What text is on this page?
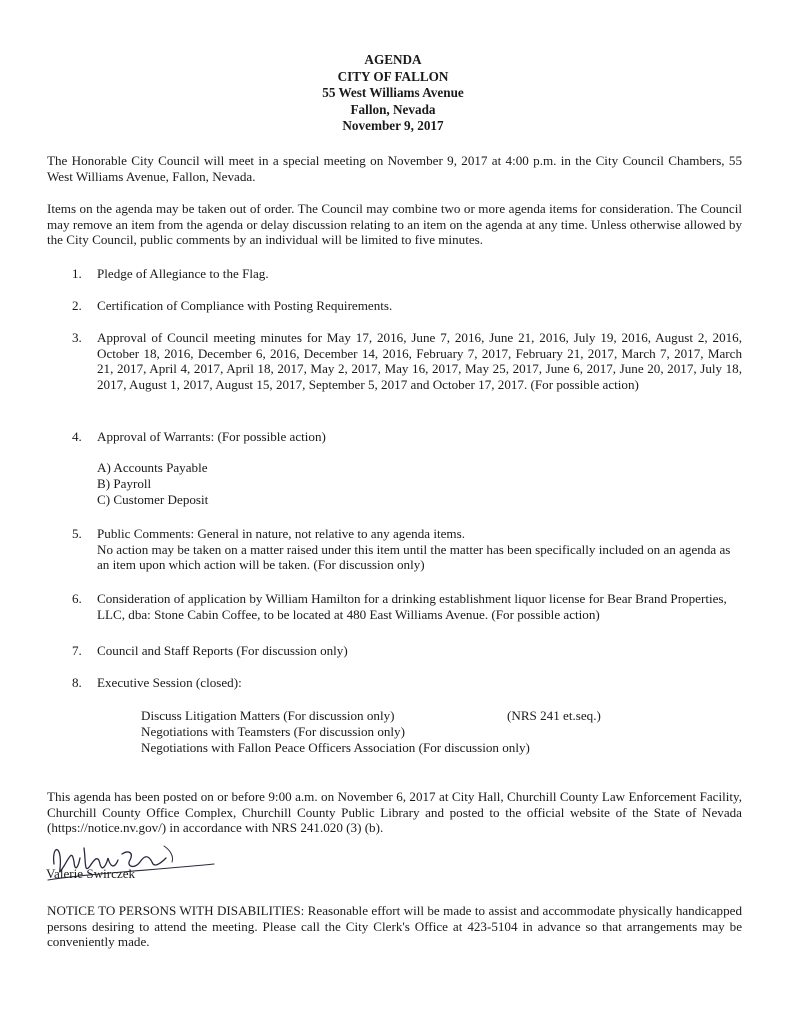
AGENDA
CITY OF FALLON
55 West Williams Avenue
Fallon, Nevada
November 9, 2017
The Honorable City Council will meet in a special meeting on November 9, 2017 at 4:00 p.m. in the City Council Chambers, 55 West Williams Avenue, Fallon, Nevada.
Items on the agenda may be taken out of order. The Council may combine two or more agenda items for consideration. The Council may remove an item from the agenda or delay discussion relating to an item on the agenda at any time. Unless otherwise allowed by the City Council, public comments by an individual will be limited to five minutes.
1.	Pledge of Allegiance to the Flag.
2.	Certification of Compliance with Posting Requirements.
3.	Approval of Council meeting minutes for May 17, 2016, June 7, 2016, June 21, 2016, July 19, 2016, August 2, 2016, October 18, 2016, December 6, 2016, December 14, 2016, February 7, 2017, February 21, 2017, March 7, 2017, March 21, 2017, April 4, 2017, April 18, 2017, May 2, 2017, May 16, 2017, May 25, 2017, June 6, 2017, June 20, 2017, July 18, 2017, August 1, 2017, August 15, 2017, September 5, 2017 and October 17, 2017. (For possible action)
4.	Approval of Warrants: (For possible action)
A) Accounts Payable
B) Payroll
C) Customer Deposit
5.	Public Comments: General in nature, not relative to any agenda items.
No action may be taken on a matter raised under this item until the matter has been specifically included on an agenda as an item upon which action will be taken. (For discussion only)
6.	Consideration of application by William Hamilton for a drinking establishment liquor license for Bear Brand Properties, LLC, dba: Stone Cabin Coffee, to be located at 480 East Williams Avenue. (For possible action)
7.	Council and Staff Reports (For discussion only)
8.	Executive Session (closed):
Discuss Litigation Matters (For discussion only)	(NRS 241 et.seq.)
Negotiations with Teamsters (For discussion only)
Negotiations with Fallon Peace Officers Association (For discussion only)
This agenda has been posted on or before 9:00 a.m. on November 6, 2017 at City Hall, Churchill County Law Enforcement Facility, Churchill County Office Complex, Churchill County Public Library and posted to the official website of the State of Nevada (https://notice.nv.gov/) in accordance with NRS 241.020 (3) (b).
Valerie Swirczek
NOTICE TO PERSONS WITH DISABILITIES: Reasonable effort will be made to assist and accommodate physically handicapped persons desiring to attend the meeting. Please call the City Clerk's Office at 423-5104 in advance so that arrangements may be conveniently made.
